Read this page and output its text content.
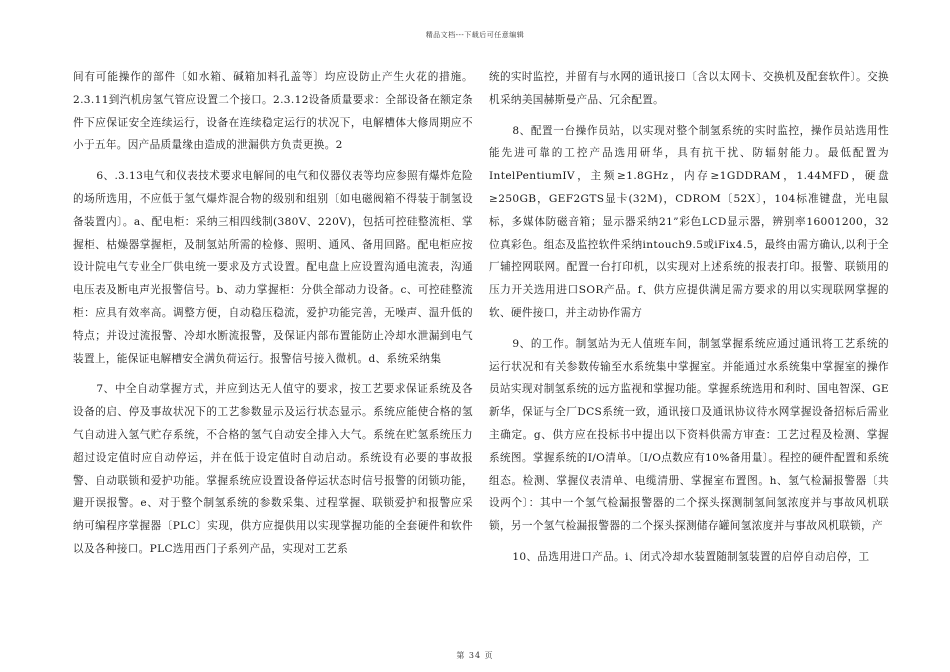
精品文档---下载后可任意编辑

间有可能操作的部件〔如水箱、碱箱加料孔盖等〕均应设防止产生火花的措施。2.3.11到汽机房氢气管应设置二个接口。2.3.12设备质量要求：全部设备在额定条件下应保证安全连续运行，设备在连续稳定运行的状况下，电解槽体大修周期应不小于五年。因产品质量缘由造成的泄漏供方负责更换。2

6、.3.13电气和仪表技术要求电解间的电气和仪器仪表等均应参照有爆炸危险的场所选用，不应低于氢气爆炸混合物的级别和组别〔如电磁阀箱不得装于制氢设备装置内〕。a、配电柜：采纳三相四线制(380V、220V)，包括可控硅整流柜、掌握柜、枯燥器掌握柜，及制氢站所需的检修、照明、通风、备用回路。配电柜应按设计院电气专业全厂供电统一要求及方式设置。配电盘上应设置沟通电流表，沟通电压表及断电声光报警信号。b、动力掌握柜：分供全部动力设备。c、可控硅整流柜：应具有效率高。调整方便，自动稳压稳流，爱护功能完善，无噪声、温升低的特点；并设过流报警、冷却水断流报警，及保证内部布置能防止冷却水泄漏到电气装置上，能保证电解槽安全满负荷运行。报警信号接入微机。d、系统采纳集

7、中全自动掌握方式，并应到达无人值守的要求，按工艺要求保证系统及各设备的启、停及事故状况下的工艺参数显示及运行状态显示。系统应能使合格的氢气自动进入氢气贮存系统，不合格的氢气自动安全排入大气。系统在贮氢系统压力超过设定值时应自动停运，并在低于设定值时自动启动。系统设有必要的事故报警、自动联锁和爱护功能。掌握系统应设置设备停运状态时信号报警的闭锁功能，避开误报警。e、对于整个制氢系统的参数采集、过程掌握、联锁爱护和报警应采纳可编程序掌握器〔PLC〕实现，供方应提供用以实现掌握功能的全套硬件和软件以及各种接口。PLC选用西门子系列产品，实现对工艺系

统的实时监控，并留有与水网的通讯接口〔含以太网卡、交换机及配套软件〕。交换机采纳美国赫斯曼产品、冗余配置。

8、配置一台操作员站，以实现对整个制氢系统的实时监控，操作员站选用性能先进可靠的工控产品选用研华，具有抗干扰、防辐射能力。最低配置为IntelPentiumIV，主频≥1.8GHz，内存≥1GDDRAM，1.44MFD，硬盘≥250GB，GEF2GTS显卡(32M)，CDROM〔52X〕，104标准键盘，光电鼠标，多媒体防磁音箱；显示器采纳21”彩色LCD显示器，辨别率16001200，32位真彩色。组态及监控软件采纳intouch9.5或iFix4.5，最终由需方确认,以利于全厂辅控网联网。配置一台打印机，以实现对上述系统的报表打印。报警、联锁用的压力开关选用进口SOR产品。f、供方应提供满足需方要求的用以实现联网掌握的软、硬件接口，并主动协作需方

9、的工作。制氢站为无人值班车间，制氢掌握系统应通过通讯将工艺系统的运行状况和有关参数传输至水系统集中掌握室。并能通过水系统集中掌握室的操作员站实现对制氢系统的远方监视和掌握功能。掌握系统选用和利时、国电智深、GE新华，保证与全厂DCS系统一致，通讯接口及通讯协议待水网掌握设备招标后需业主确定。g、供方应在投标书中提出以下资料供需方审查：工艺过程及检测、掌握系统图。掌握系统的I/O清单。〔I/O点数应有10%备用量〕。程控的硬件配置和系统组态。检测、掌握仪表清单、电缆清册、掌握室布置图。h、氢气检漏报警器〔共设两个〕：其中一个氢气检漏报警器的二个探头探测制氢间氢浓度并与事故风机联锁，另一个氢气检漏报警器的二个探头探测储存罐间氢浓度并与事故风机联锁，产

10、品选用进口产品。i、闭式冷却水装置随制氢装置的启停自动启停，工

第 34 页
